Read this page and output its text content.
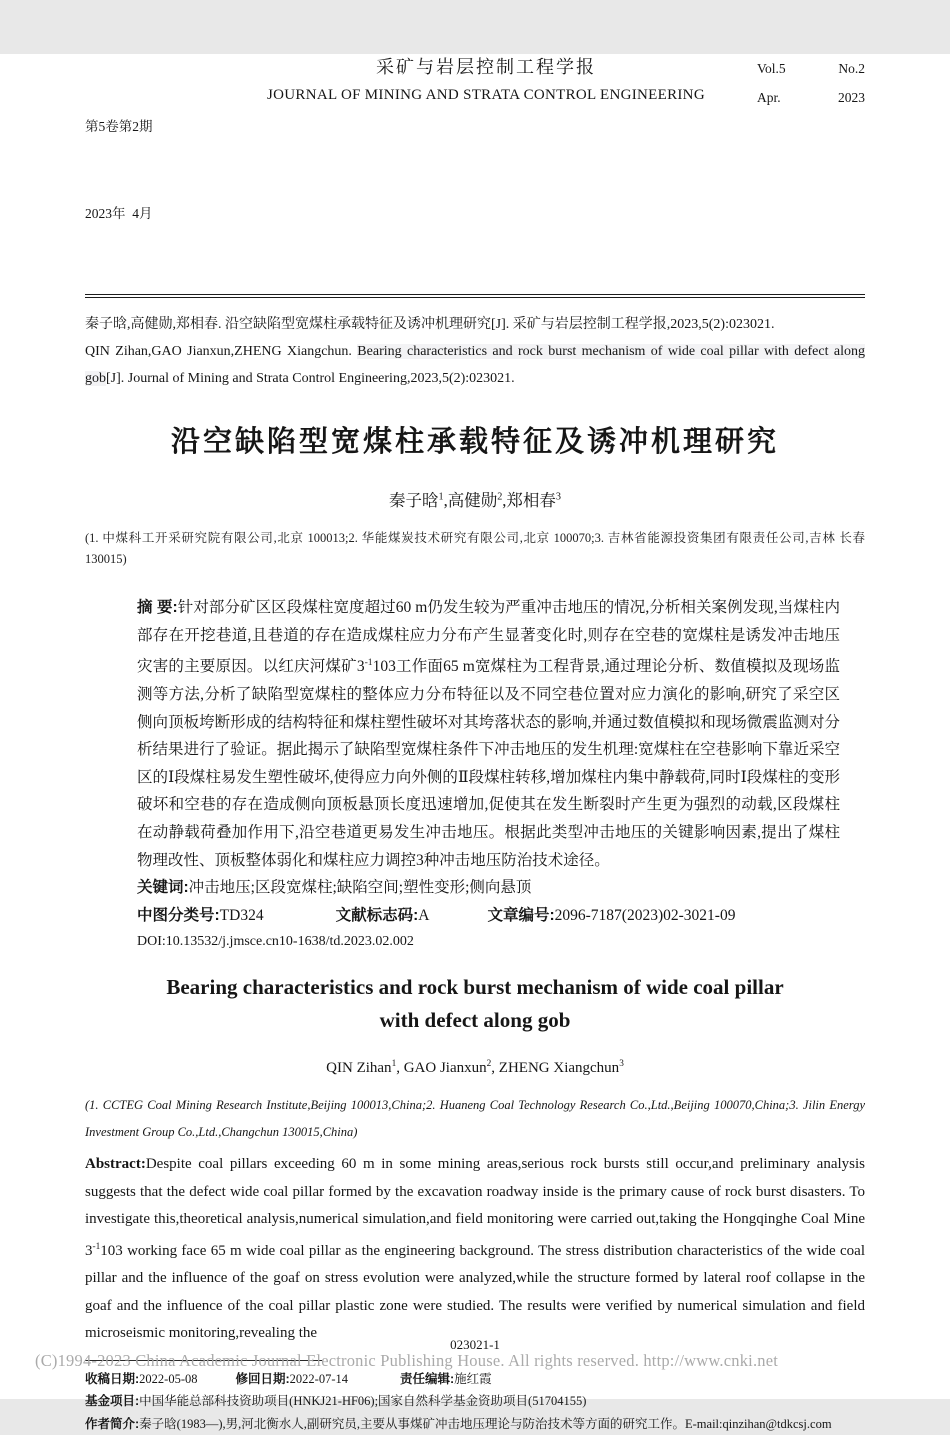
第5卷第2期

2023年  4月

采矿与岩层控制工程学报
JOURNAL OF MINING AND STRATA CONTROL ENGINEERING
Vol.5	No.2
Apr.	2023

秦子晗,高健勋,郑相春. 沿空缺陷型宽煤柱承载特征及诱冲机理研究[J]. 采矿与岩层控制工程学报,2023,5(2):023021.

QIN Zihan,GAO Jianxun,ZHENG Xiangchun. Bearing characteristics and rock burst mechanism of wide coal pillar with defect along gob[J]. Journal of Mining and Strata Control Engineering,2023,5(2):023021.

沿空缺陷型宽煤柱承载特征及诱冲机理研究

秦子晗$^1$,高健勋$^2$,郑相春$^3$

(1. 中煤科工开采研究院有限公司,北京 100013;2. 华能煤炭技术研究有限公司,北京 100070;3. 吉林省能源投资集团有限责任公司,吉林 长春 130015)

摘 要:针对部分矿区区段煤柱宽度超过60 m仍发生较为严重冲击地压的情况,分析相关案例发现,当煤柱内部存在开挖巷道,且巷道的存在造成煤柱应力分布产生显著变化时,则存在空巷的宽煤柱是诱发冲击地压灾害的主要原因。以红庆河煤矿$3^{-1}103$工作面65 m宽煤柱为工程背景,通过理论分析、数值模拟及现场监测等方法,分析了缺陷型宽煤柱的整体应力分布特征以及不同空巷位置对应力演化的影响,研究了采空区侧向顶板垮断形成的结构特征和煤柱塑性破坏对其垮落状态的影响,并通过数值模拟和现场微震监测对分析结果进行了验证。据此揭示了缺陷型宽煤柱条件下冲击地压的发生机理:宽煤柱在空巷影响下靠近采空区的Ⅰ段煤柱易发生塑性破坏,使得应力向外侧的Ⅱ段煤柱转移,增加煤柱内集中静载荷,同时Ⅰ段煤柱的变形破坏和空巷的存在造成侧向顶板悬顶长度迅速增加,促使其在发生断裂时产生更为强烈的动载,区段煤柱在动静载荷叠加作用下,沿空巷道更易发生冲击地压。根据此类型冲击地压的关键影响因素,提出了煤柱物理改性、顶板整体弱化和煤柱应力调控3种冲击地压防治技术途径。

关键词:冲击地压;区段宽煤柱;缺陷空间;塑性变形;侧向悬顶

中图分类号:TD324	文献标志码:A	文章编号:2096-7187(2023)02-3021-09

DOI:10.13532/j.jmsce.cn10-1638/td.2023.02.002

Bearing characteristics and rock burst mechanism of wide coal pillar with defect along gob

QIN Zihan$^1$, GAO Jianxun$^2$, ZHENG Xiangchun$^3$

(1. CCTEG Coal Mining Research Institute,Beijing 100013,China;2. Huaneng Coal Technology Research Co.,Ltd.,Beijing 100070,China;3. Jilin Energy Investment Group Co.,Ltd.,Changchun 130015,China)

Abstract:Despite coal pillars exceeding 60 m in some mining areas,serious rock bursts still occur,and preliminary analysis suggests that the defect wide coal pillar formed by the excavation roadway inside is the primary cause of rock burst disasters. To investigate this,theoretical analysis,numerical simulation,and field monitoring were carried out,taking the Hongqinghe Coal Mine $3^{-1}103$ working face 65 m wide coal pillar as the engineering background. The stress distribution characteristics of the wide coal pillar and the influence of the goaf on stress evolution were analyzed,while the structure formed by lateral roof collapse in the goaf and the influence of the coal pillar plastic zone were studied. The results were verified by numerical simulation and field microseismic monitoring,revealing the

收稿日期:2022-05-08	修回日期:2022-07-14	责任编辑:施红霞

基金项目:中国华能总部科技资助项目(HNKJ21-HF06);国家自然科学基金资助项目(51704155)

作者简介:秦子晗(1983—),男,河北衡水人,副研究员,主要从事煤矿冲击地压理论与防治技术等方面的研究工作。E-mail:qinzihan@tdkcsj.com

023021-1
(C)1994-2023 China Academic Journal Electronic Publishing House. All rights reserved. http://www.cnki.net
